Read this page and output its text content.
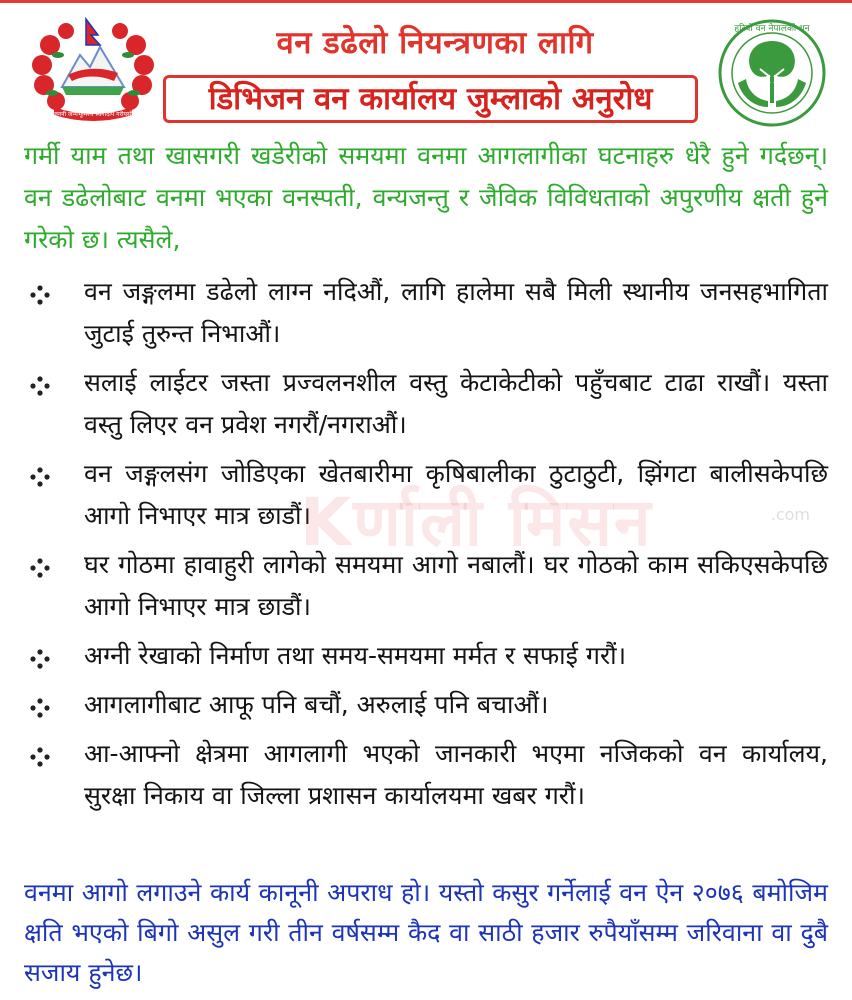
जननी जन्मभूमिश्च स्वर्गादपि गरीयसी
हरियो वन नेपालको धन
वन डढेलो नियन्त्रणका लागि
डिभिजन वन कार्यालय जुम्लाको अनुरोध
गर्मी याम तथा खासगरी खडेरीको समयमा वनमा आगलागीका घटनाहरु धेरै हुने गर्दछन्। वन डढेलोबाट वनमा भएका वनस्पती, वन्यजन्तु र जैविक विविधताको अपुरणीय क्षती हुने गरेको छ। त्यसैले,
वन जङ्गलमा डढेलो लाग्न नदिऔं, लागि हालेमा सबै मिली स्थानीय जनसहभागिता जुटाई तुरुन्त निभाऔं।
सलाई लाईटर जस्ता प्रज्वलनशील वस्तु केटाकेटीको पहुँचबाट टाढा राखौं। यस्ता वस्तु लिएर वन प्रवेश नगरौं/नगराऔं।
वन जङ्गलसंग जोडिएका खेतबारीमा कृषिबालीका ठुटाठुटी, झिंगटा बालीसकेपछि आगो निभाएर मात्र छाडौं।
घर गोठमा हावाहुरी लागेको समयमा आगो नबालौं। घर गोठको काम सकिएसकेपछि आगो निभाएर मात्र छाडौं।
अग्नी रेखाको निर्माण तथा समय-समयमा मर्मत र सफाई गरौं।
आगलागीबाट आफू पनि बचौं, अरुलाई पनि बचाऔं।
आ-आफ्नो क्षेत्रमा आगलागी भएको जानकारी भएमा नजिकको वन कार्यालय, सुरक्षा निकाय वा जिल्ला प्रशासन कार्यालयमा खबर गरौं।
वनमा आगो लगाउने कार्य कानूनी अपराध हो। यस्तो कसुर गर्नेलाई वन ऐन २०७६ बमोजिम क्षति भएको बिगो असुल गरी तीन वर्षसम्म कैद वा साठी हजार रुपैयाँसम्म जरिवाना वा दुबै सजाय हुनेछ।
Kर्णाली मिसन	.com
